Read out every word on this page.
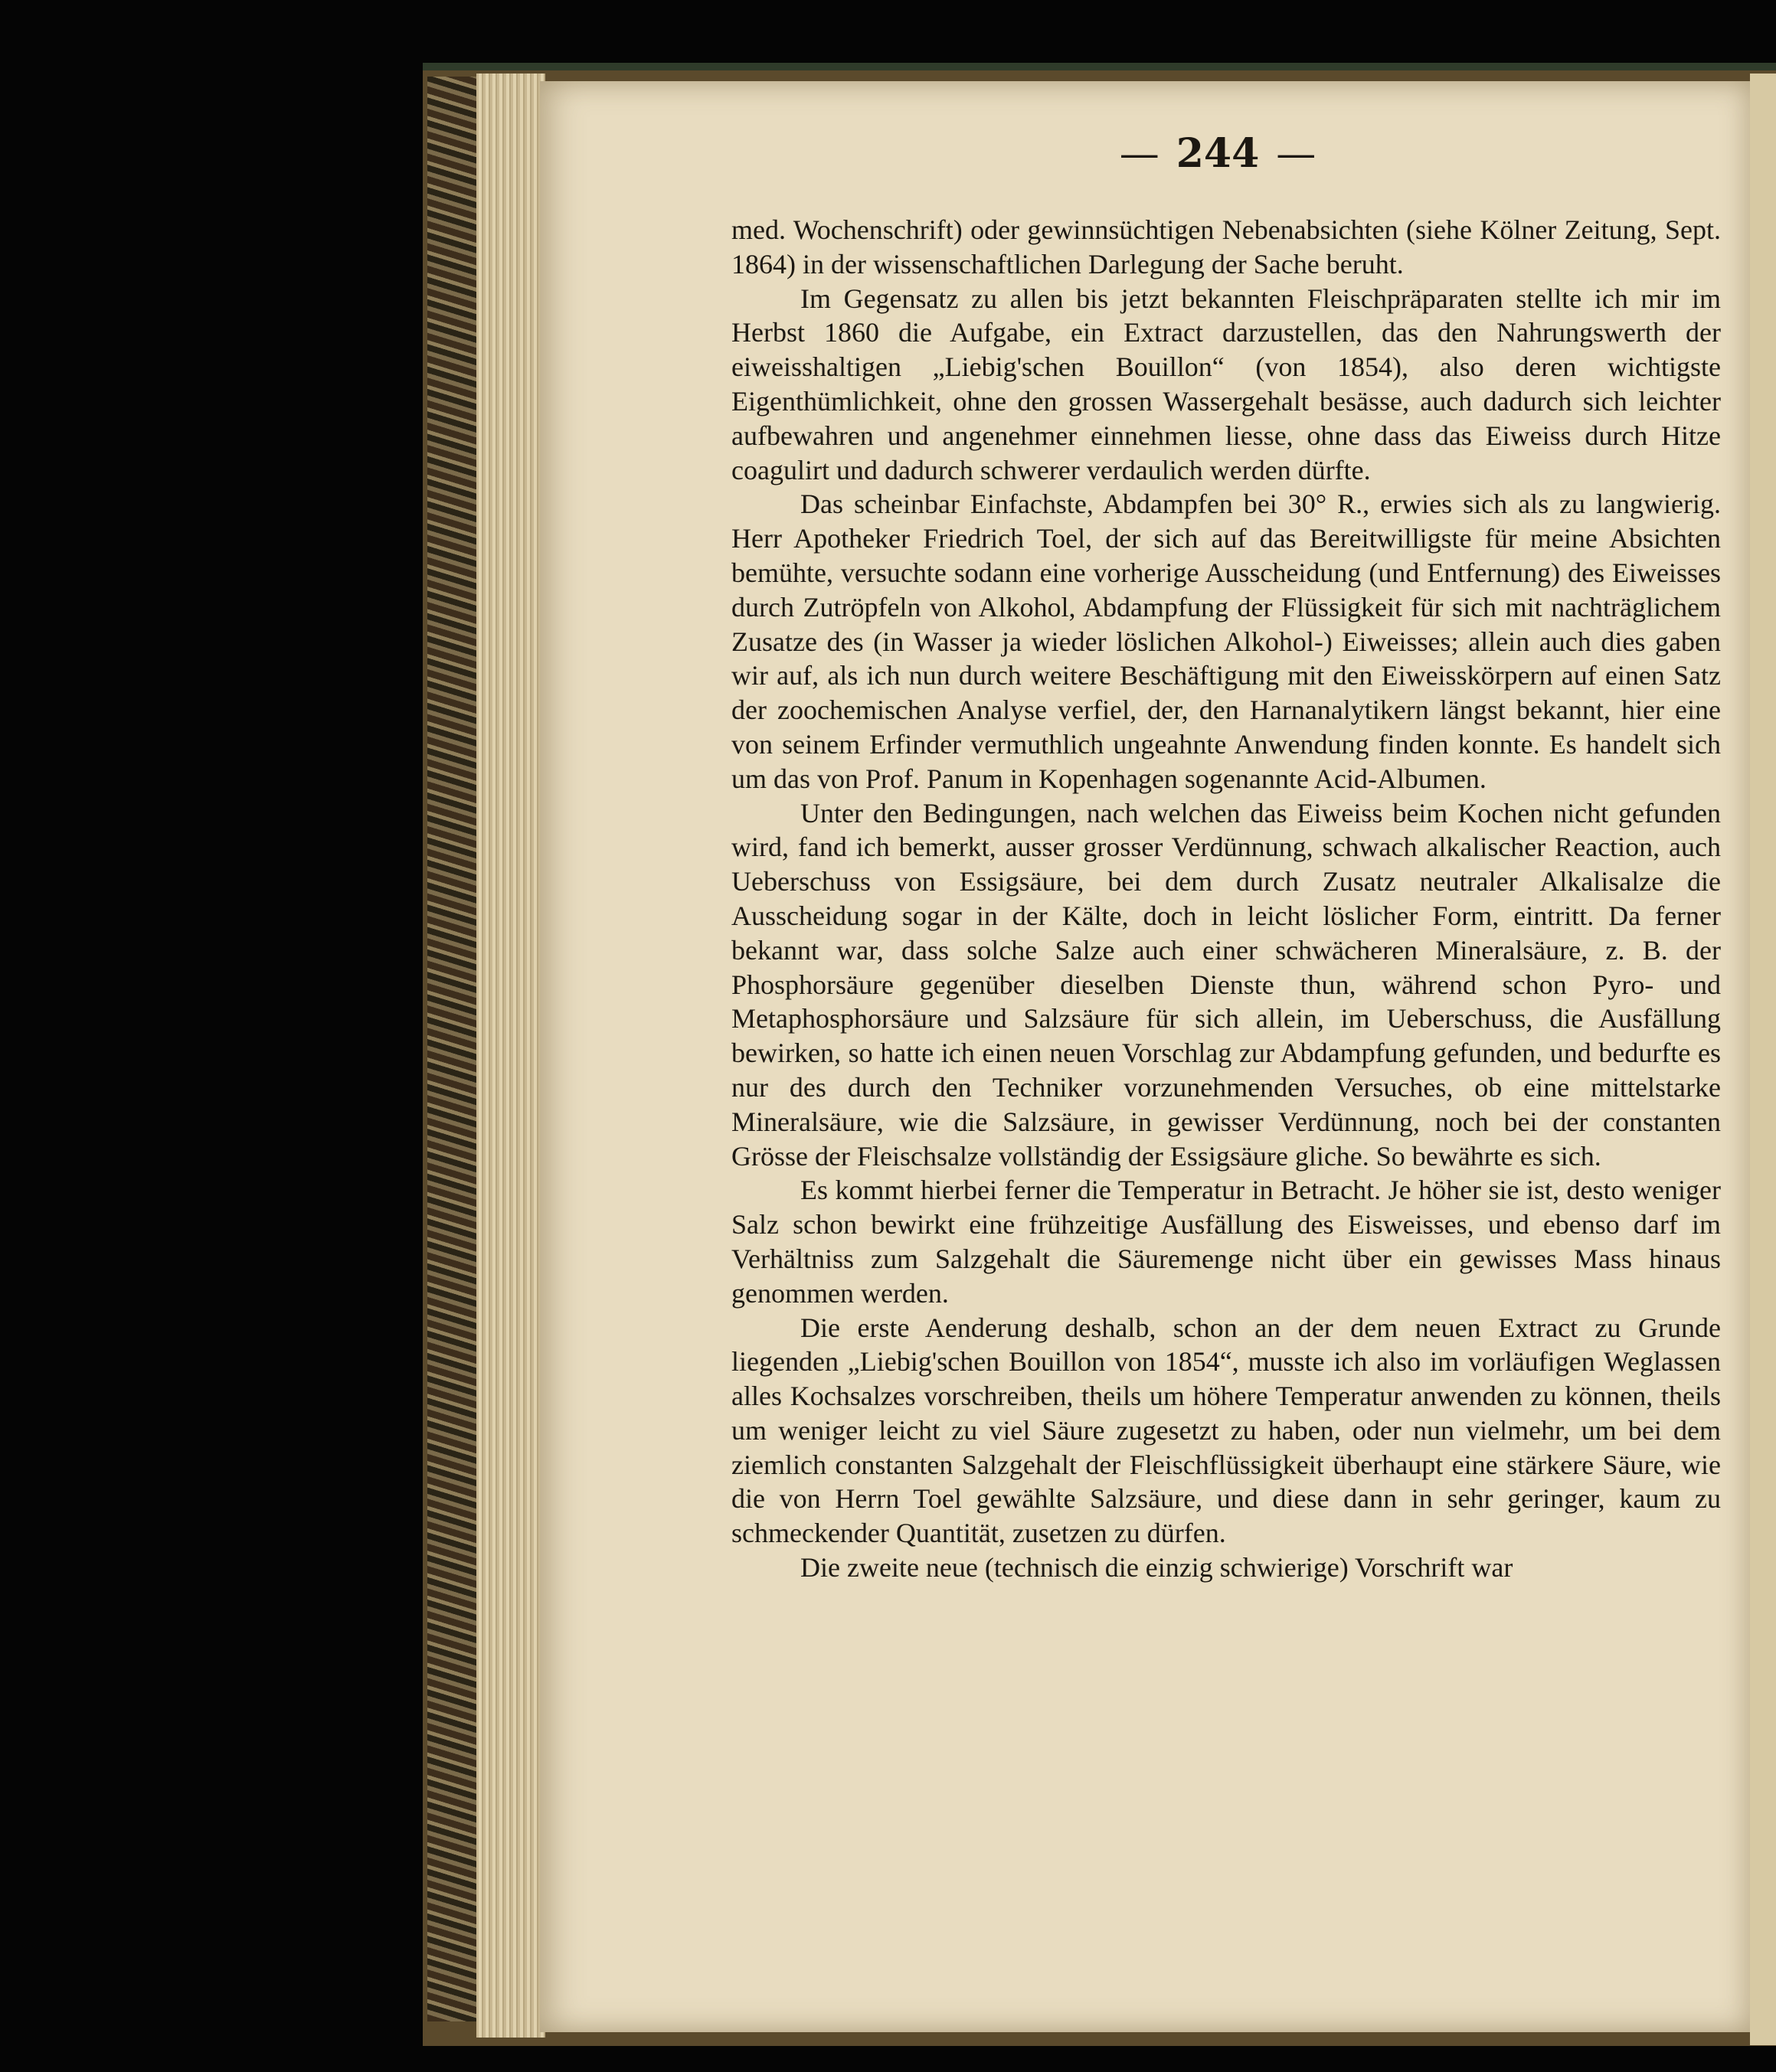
— 244 —

med. Wochenschrift) oder gewinnsüchtigen Nebenabsichten (siehe Kölner Zeitung, Sept. 1864) in der wissenschaftlichen Darlegung der Sache beruht.

Im Gegensatz zu allen bis jetzt bekannten Fleischpräparaten stellte ich mir im Herbst 1860 die Aufgabe, ein Extract darzustellen, das den Nahrungswerth der eiweisshaltigen „Liebig'schen Bouillon“ (von 1854), also deren wichtigste Eigenthümlichkeit, ohne den grossen Wassergehalt besässe, auch dadurch sich leichter aufbewahren und angenehmer einnehmen liesse, ohne dass das Eiweiss durch Hitze coagulirt und dadurch schwerer verdaulich werden dürfte.

Das scheinbar Einfachste, Abdampfen bei 30° R., erwies sich als zu langwierig. Herr Apotheker Friedrich Toel, der sich auf das Bereitwilligste für meine Absichten bemühte, versuchte sodann eine vorherige Ausscheidung (und Entfernung) des Eiweisses durch Zutröpfeln von Alkohol, Abdampfung der Flüssigkeit für sich mit nachträglichem Zusatze des (in Wasser ja wieder löslichen Alkohol-) Eiweisses; allein auch dies gaben wir auf, als ich nun durch weitere Beschäftigung mit den Eiweisskörpern auf einen Satz der zoochemischen Analyse verfiel, der, den Harnanalytikern längst bekannt, hier eine von seinem Erfinder vermuthlich ungeahnte Anwendung finden konnte. Es handelt sich um das von Prof. Panum in Kopenhagen sogenannte Acid-Albumen.

Unter den Bedingungen, nach welchen das Eiweiss beim Kochen nicht gefunden wird, fand ich bemerkt, ausser grosser Verdünnung, schwach alkalischer Reaction, auch Ueberschuss von Essigsäure, bei dem durch Zusatz neutraler Alkalisalze die Ausscheidung sogar in der Kälte, doch in leicht löslicher Form, eintritt. Da ferner bekannt war, dass solche Salze auch einer schwächeren Mineralsäure, z. B. der Phosphorsäure gegenüber dieselben Dienste thun, während schon Pyro- und Metaphosphorsäure und Salzsäure für sich allein, im Ueberschuss, die Ausfällung bewirken, so hatte ich einen neuen Vorschlag zur Abdampfung gefunden, und bedurfte es nur des durch den Techniker vorzunehmenden Versuches, ob eine mittelstarke Mineralsäure, wie die Salzsäure, in gewisser Verdünnung, noch bei der constanten Grösse der Fleischsalze vollständig der Essigsäure gliche. So bewährte es sich.

Es kommt hierbei ferner die Temperatur in Betracht. Je höher sie ist, desto weniger Salz schon bewirkt eine frühzeitige Ausfällung des Eisweisses, und ebenso darf im Verhältniss zum Salzgehalt die Säuremenge nicht über ein gewisses Mass hinaus genommen werden.

Die erste Aenderung deshalb, schon an der dem neuen Extract zu Grunde liegenden „Liebig'schen Bouillon von 1854“, musste ich also im vorläufigen Weglassen alles Kochsalzes vorschreiben, theils um höhere Temperatur anwenden zu können, theils um weniger leicht zu viel Säure zugesetzt zu haben, oder nun vielmehr, um bei dem ziemlich constanten Salzgehalt der Fleischflüssigkeit überhaupt eine stärkere Säure, wie die von Herrn Toel gewählte Salzsäure, und diese dann in sehr geringer, kaum zu schmeckender Quantität, zusetzen zu dürfen.

Die zweite neue (technisch die einzig schwierige) Vorschrift war
